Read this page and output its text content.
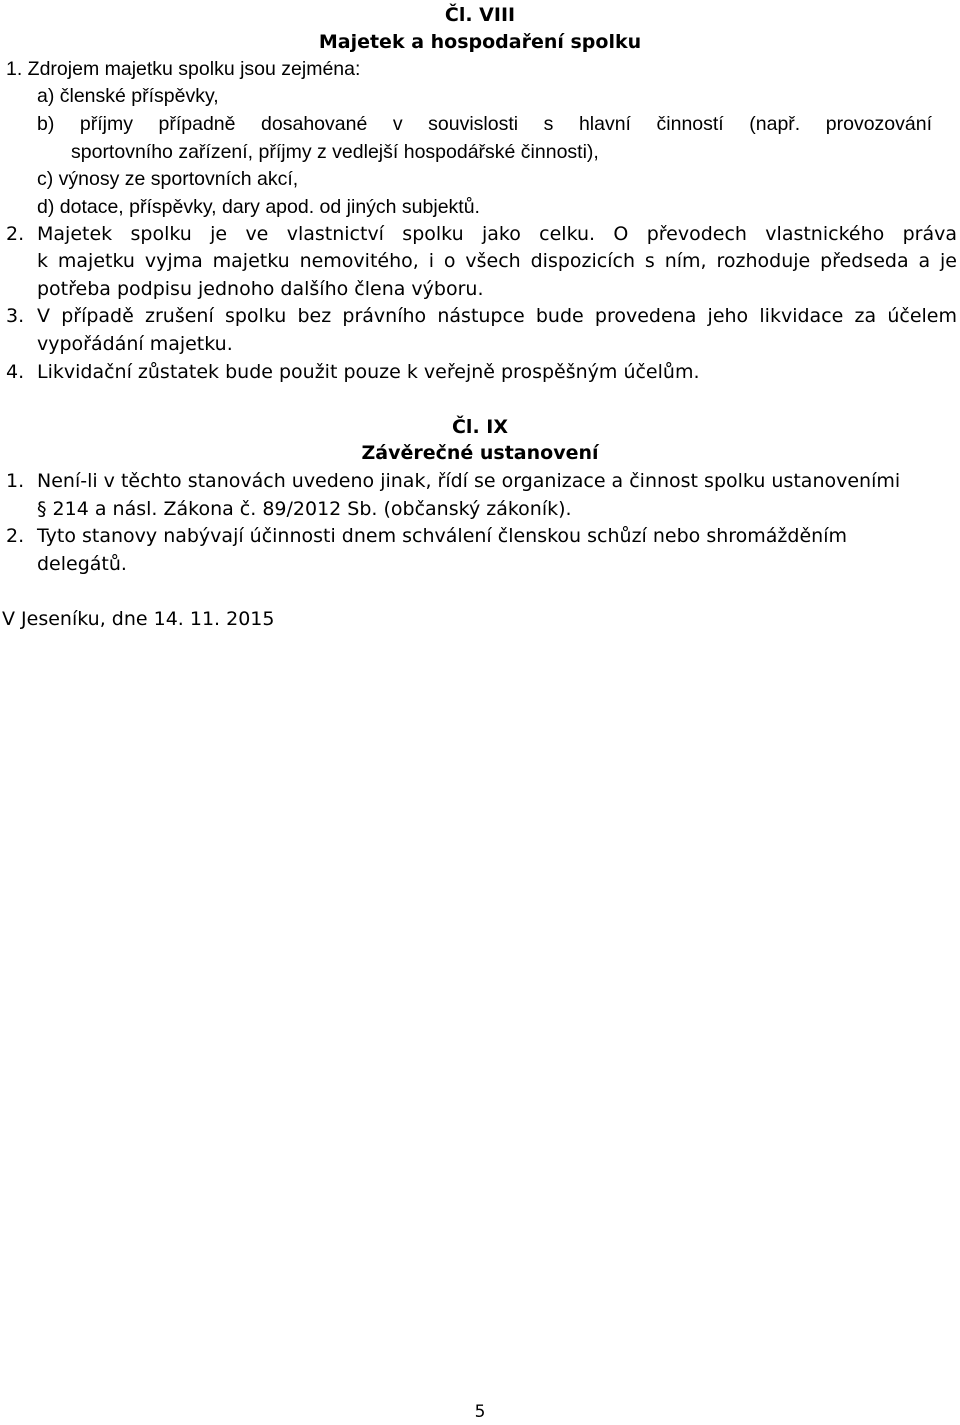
Čl. VIII
Majetek a hospodaření spolku
1. Zdrojem majetku spolku jsou zejména:
a) členské příspěvky,
b) příjmy případně dosahované v souvislosti s hlavní činností (např. provozování
sportovního zařízení, příjmy z vedlejší hospodářské činnosti),
c) výnosy ze sportovních akcí,
d) dotace, příspěvky, dary apod. od jiných subjektů.
2. Majetek spolku je ve vlastnictví spolku jako celku. O převodech vlastnického práva
k majetku vyjma majetku nemovitého, i o všech dispozicích s ním, rozhoduje předseda a je
potřeba podpisu jednoho dalšího člena výboru.
3. V případě zrušení spolku bez právního nástupce bude provedena jeho likvidace za účelem
vypořádání majetku.
4. Likvidační zůstatek bude použit pouze k veřejně prospěšným účelům.
Čl. IX
Závěrečné ustanovení
1. Není-li v těchto stanovách uvedeno jinak, řídí se organizace a činnost spolku ustanoveními
§ 214 a násl. Zákona č. 89/2012 Sb. (občanský zákoník).
2. Tyto stanovy nabývají účinnosti dnem schválení členskou schůzí nebo shromážděním
delegátů.
V Jeseníku, dne 14. 11. 2015
5
